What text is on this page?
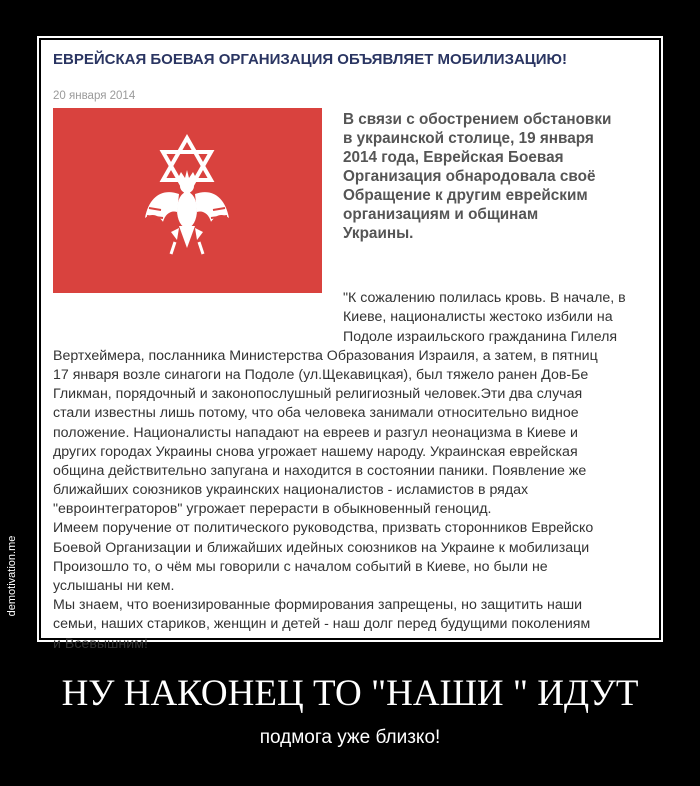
ЕВРЕЙСКАЯ БОЕВАЯ ОРГАНИЗАЦИЯ ОБЪЯВЛЯЕТ МОБИЛИЗАЦИЮ!
20 января 2014
В связи с обострением обстановки
в украинской столице, 19 января
2014 года, Еврейская Боевая
Организация обнародовала своё
Обращение к другим еврейским
организациям и общинам
Украины.
"К сожалению полилась кровь. В начале, в
Киеве, националисты жестоко избили на
Подоле израильского гражданина Гилеля
Вертхеймера, посланника Министерства Образования Израиля, а затем, в пятниц
17 января возле синагоги на Подоле (ул.Щекавицкая), был тяжело ранен Дов-Бе
Гликман, порядочный и законопослушный религиозный человек.Эти два случая
стали известны лишь потому, что оба человека занимали относительно видное
положение. Националисты нападают на евреев и разгул неонацизма в Киеве и
других городах Украины снова угрожает нашему народу. Украинская еврейская
община действительно запугана и находится в состоянии паники. Появление же
ближайших союзников украинских националистов - исламистов в рядах
"евроинтеграторов" угрожает перерасти в обыкновенный геноцид.
Имеем поручение от политического руководства, призвать сторонников Еврейско
Боевой Организации и ближайших идейных союзников на Украине к мобилизаци
Произошло то, о чём мы говорили с началом событий в Киеве, но были не
услышаны ни кем.
Мы знаем, что военизированные формирования запрещены, но защитить наши
семьи, наших стариков, женщин и детей - наш долг перед будущими поколениям
и Всевышним!
demotivation.me
НУ НАКОНЕЦ ТО "НАШИ " ИДУТ
подмога уже близко!
